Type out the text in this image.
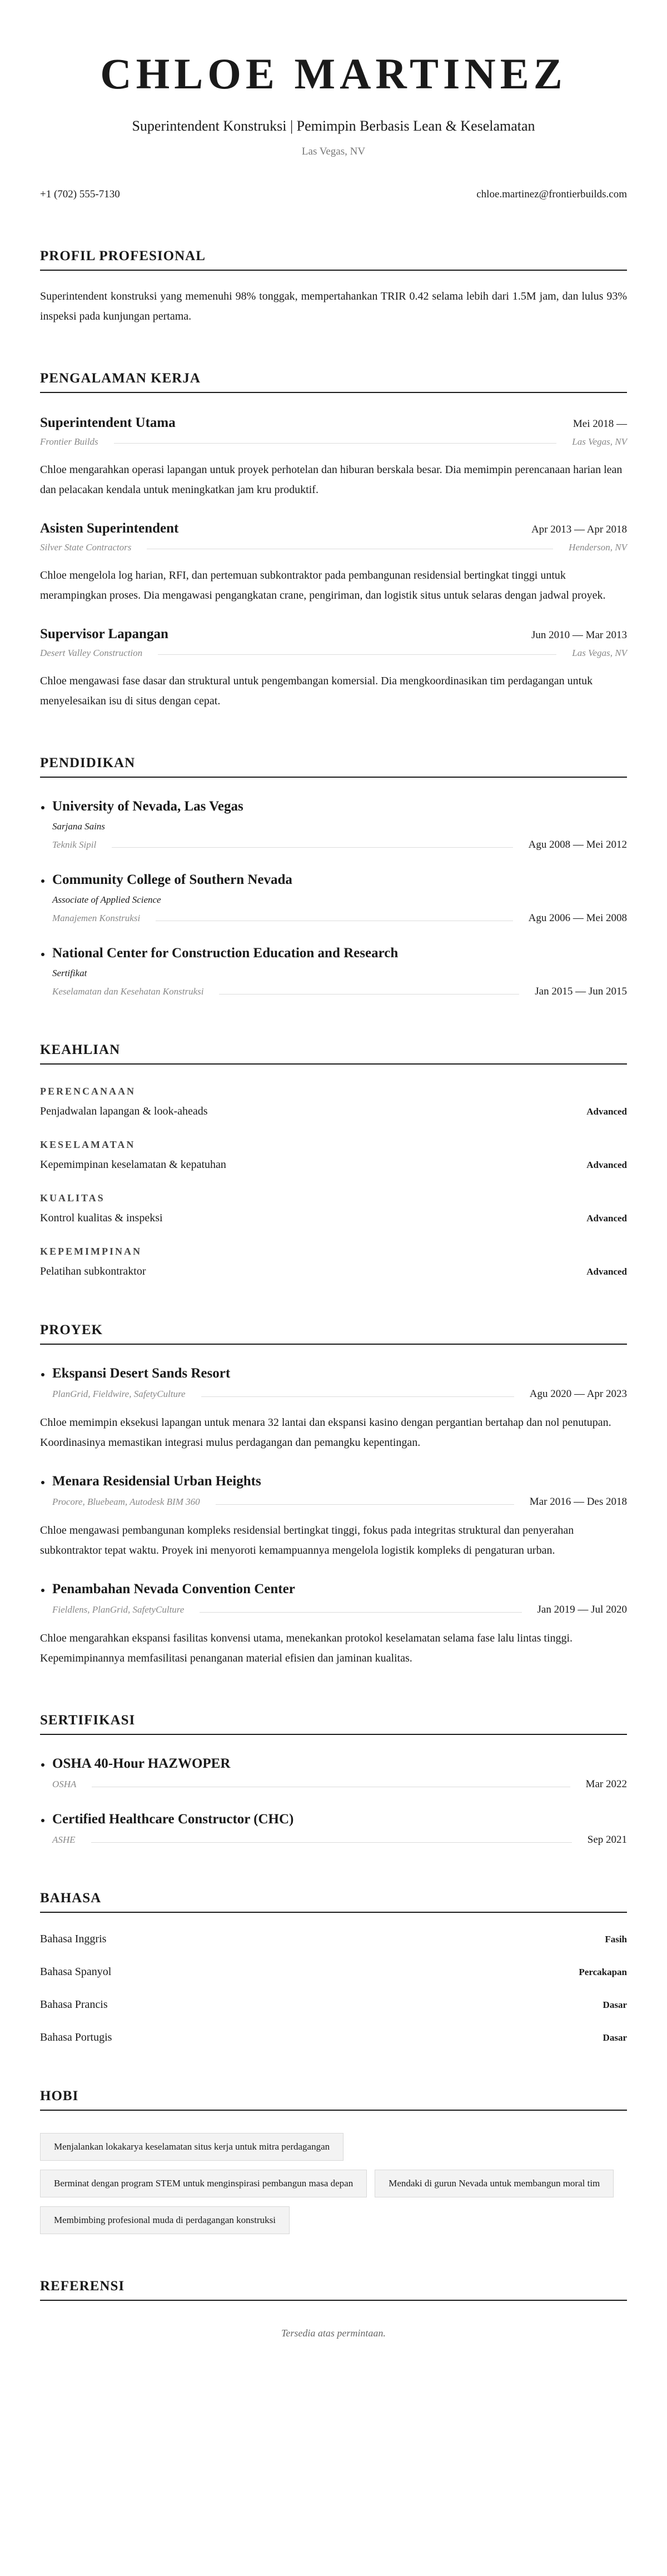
CHLOE MARTINEZ
Superintendent Konstruksi | Pemimpin Berbasis Lean & Keselamatan
Las Vegas, NV
+1 (702) 555-7130	chloe.martinez@frontierbuilds.com
PROFIL PROFESIONAL

Superintendent konstruksi yang memenuhi 98% tonggak, mempertahankan TRIR 0.42 selama lebih dari 1.5M jam, dan lulus 93% inspeksi pada kunjungan pertama.

PENGALAMAN KERJA
Superintendent Utama	Mei 2018 —
Frontier Builds	Las Vegas, NV

Chloe mengarahkan operasi lapangan untuk proyek perhotelan dan hiburan berskala besar. Dia memimpin perencanaan harian lean dan pelacakan kendala untuk meningkatkan jam kru produktif.

Asisten Superintendent	Apr 2013 — Apr 2018
Silver State Contractors	Henderson, NV

Chloe mengelola log harian, RFI, dan pertemuan subkontraktor pada pembangunan residensial bertingkat tinggi untuk merampingkan proses. Dia mengawasi pengangkatan crane, pengiriman, dan logistik situs untuk selaras dengan jadwal proyek.

Supervisor Lapangan	Jun 2010 — Mar 2013
Desert Valley Construction	Las Vegas, NV

Chloe mengawasi fase dasar dan struktural untuk pengembangan komersial. Dia mengkoordinasikan tim perdagangan untuk menyelesaikan isu di situs dengan cepat.

PENDIDIKAN
University of Nevada, Las Vegas
Sarjana Sains
Teknik Sipil	Agu 2008 — Mei 2012
Community College of Southern Nevada
Associate of Applied Science
Manajemen Konstruksi	Agu 2006 — Mei 2008
National Center for Construction Education and Research
Sertifikat
Keselamatan dan Kesehatan Konstruksi	Jan 2015 — Jun 2015
KEAHLIAN
PERENCANAAN
Penjadwalan lapangan & look-aheads	Advanced
KESELAMATAN
Kepemimpinan keselamatan & kepatuhan	Advanced
KUALITAS
Kontrol kualitas & inspeksi	Advanced
KEPEMIMPINAN
Pelatihan subkontraktor	Advanced
PROYEK
Ekspansi Desert Sands Resort
PlanGrid, Fieldwire, SafetyCulture	Agu 2020 — Apr 2023

Chloe memimpin eksekusi lapangan untuk menara 32 lantai dan ekspansi kasino dengan pergantian bertahap dan nol penutupan. Koordinasinya memastikan integrasi mulus perdagangan dan pemangku kepentingan.

Menara Residensial Urban Heights
Procore, Bluebeam, Autodesk BIM 360	Mar 2016 — Des 2018

Chloe mengawasi pembangunan kompleks residensial bertingkat tinggi, fokus pada integritas struktural dan penyerahan subkontraktor tepat waktu. Proyek ini menyoroti kemampuannya mengelola logistik kompleks di pengaturan urban.

Penambahan Nevada Convention Center
Fieldlens, PlanGrid, SafetyCulture	Jan 2019 — Jul 2020

Chloe mengarahkan ekspansi fasilitas konvensi utama, menekankan protokol keselamatan selama fase lalu lintas tinggi. Kepemimpinannya memfasilitasi penanganan material efisien dan jaminan kualitas.

SERTIFIKASI
OSHA 40-Hour HAZWOPER
OSHA	Mar 2022
Certified Healthcare Constructor (CHC)
ASHE	Sep 2021
BAHASA
Bahasa Inggris	Fasih
Bahasa Spanyol	Percakapan
Bahasa Prancis	Dasar
Bahasa Portugis	Dasar
HOBI
Menjalankan lokakarya keselamatan situs kerja untuk mitra perdagangan
Berminat dengan program STEM untuk menginspirasi pembangun masa depan	Mendaki di gurun Nevada untuk membangun moral tim
Membimbing profesional muda di perdagangan konstruksi
REFERENSI

Tersedia atas permintaan.
